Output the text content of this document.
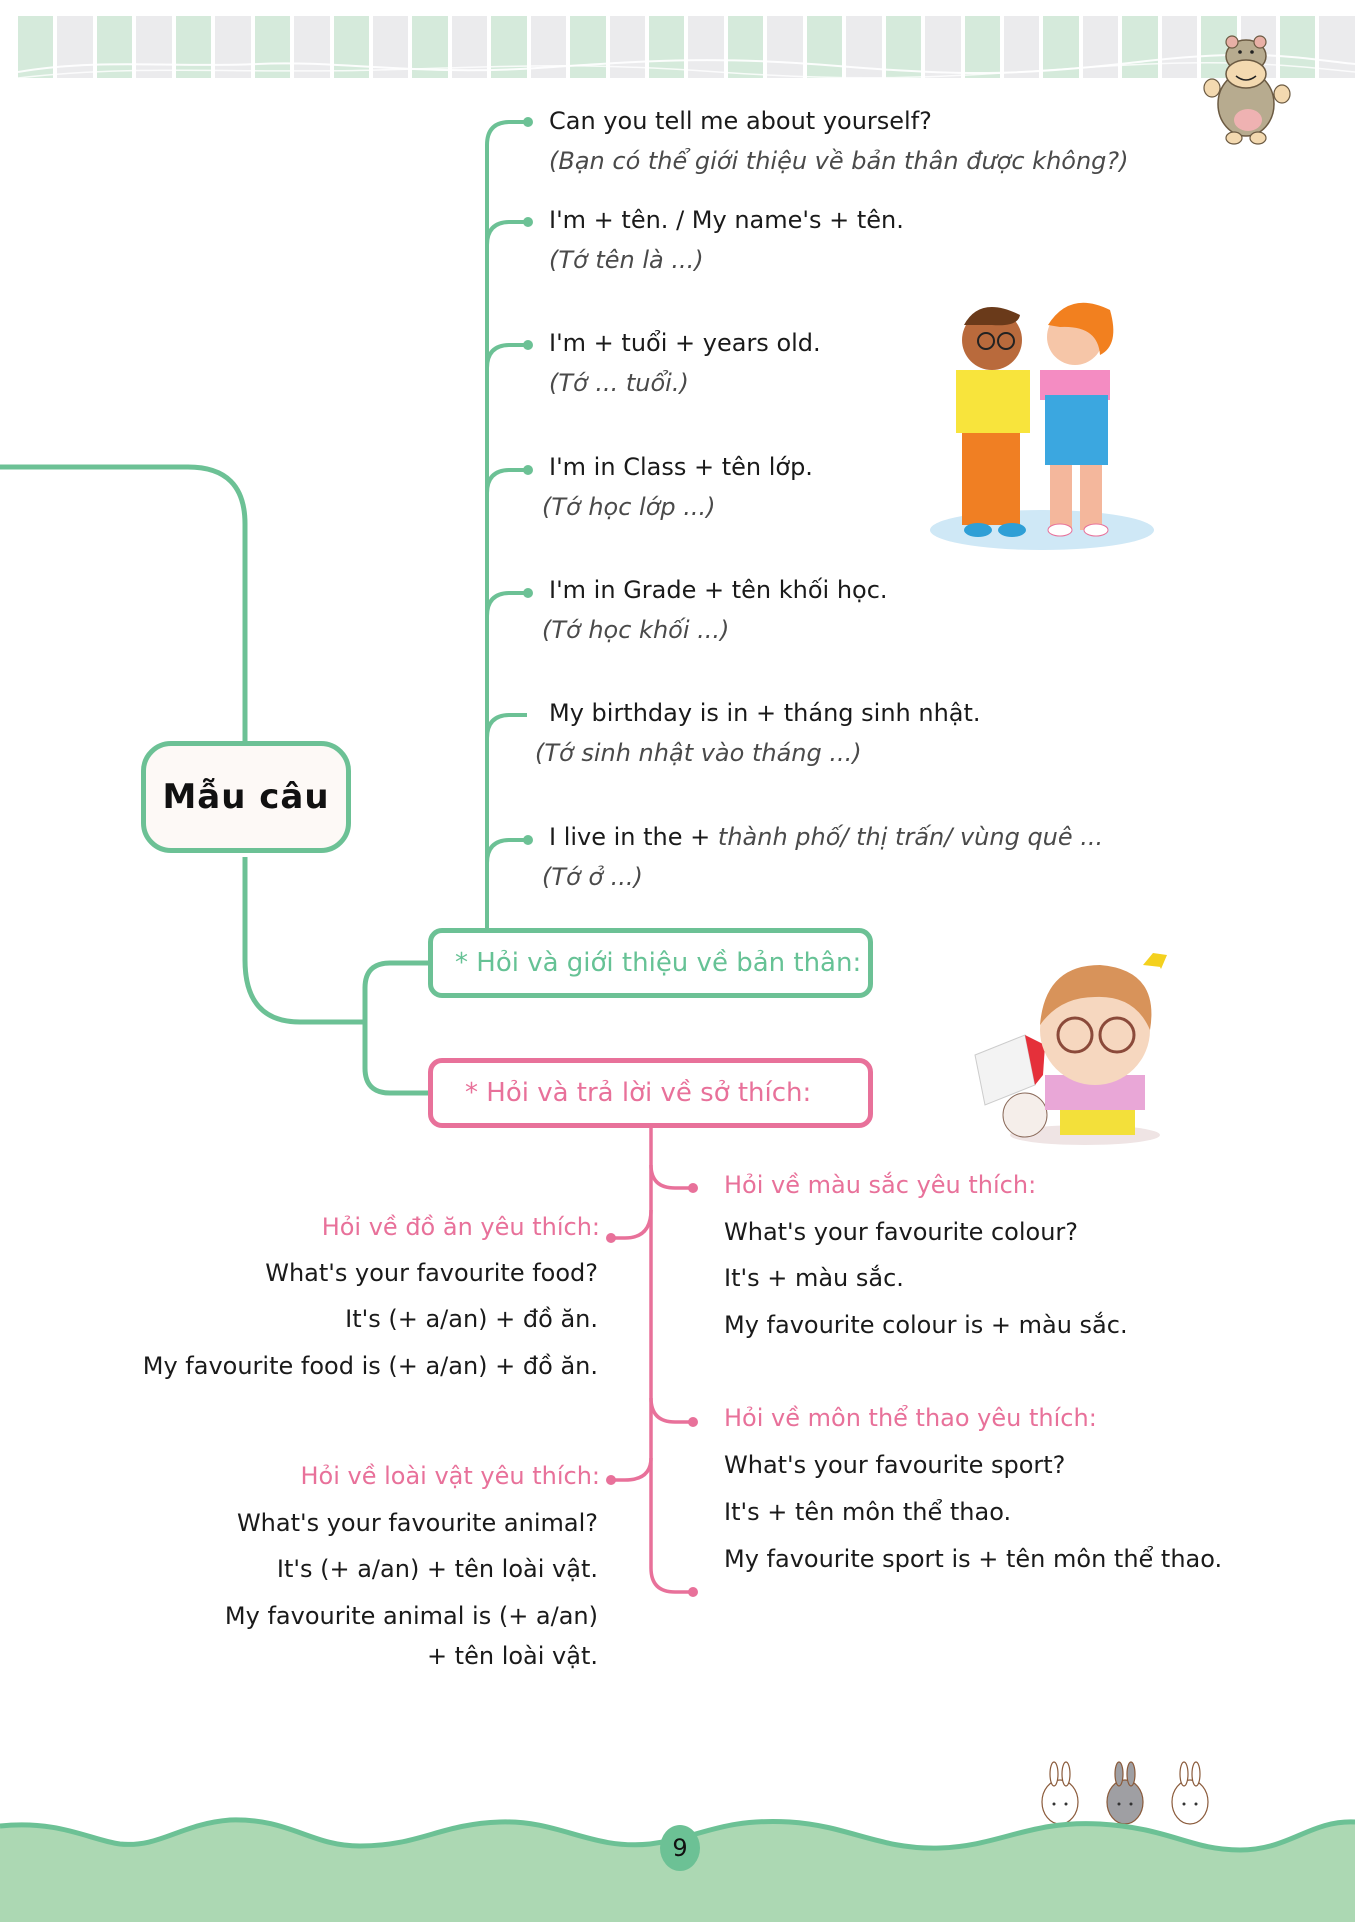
Mẫu câu
Can you tell me about yourself?
(Bạn có thể giới thiệu về bản thân được không?)
I'm + tên. / My name's + tên.
(Tớ tên là ...)
I'm + tuổi + years old.
(Tớ ... tuổi.)
I'm in Class + tên lớp.
(Tớ học lớp ...)
I'm in Grade + tên khối học.
(Tớ học khối ...)
My birthday is in + tháng sinh nhật.
(Tớ sinh nhật vào tháng ...)
I live in the + thành phố/ thị trấn/ vùng quê ...
(Tớ ở ...)
* Hỏi và giới thiệu về bản thân:
* Hỏi và trả lời về sở thích:
Hỏi về đồ ăn yêu thích:
What's your favourite food?
It's (+ a/an) + đồ ăn.
My favourite food is (+ a/an) + đồ ăn.
Hỏi về loài vật yêu thích:
What's your favourite animal?
It's (+ a/an) + tên loài vật.
My favourite animal is (+ a/an)
+ tên loài vật.
Hỏi về màu sắc yêu thích:
What's your favourite colour?
It's + màu sắc.
My favourite colour is + màu sắc.
Hỏi về môn thể thao yêu thích:
What's your favourite sport?
It's + tên môn thể thao.
My favourite sport is + tên môn thể thao.
9
